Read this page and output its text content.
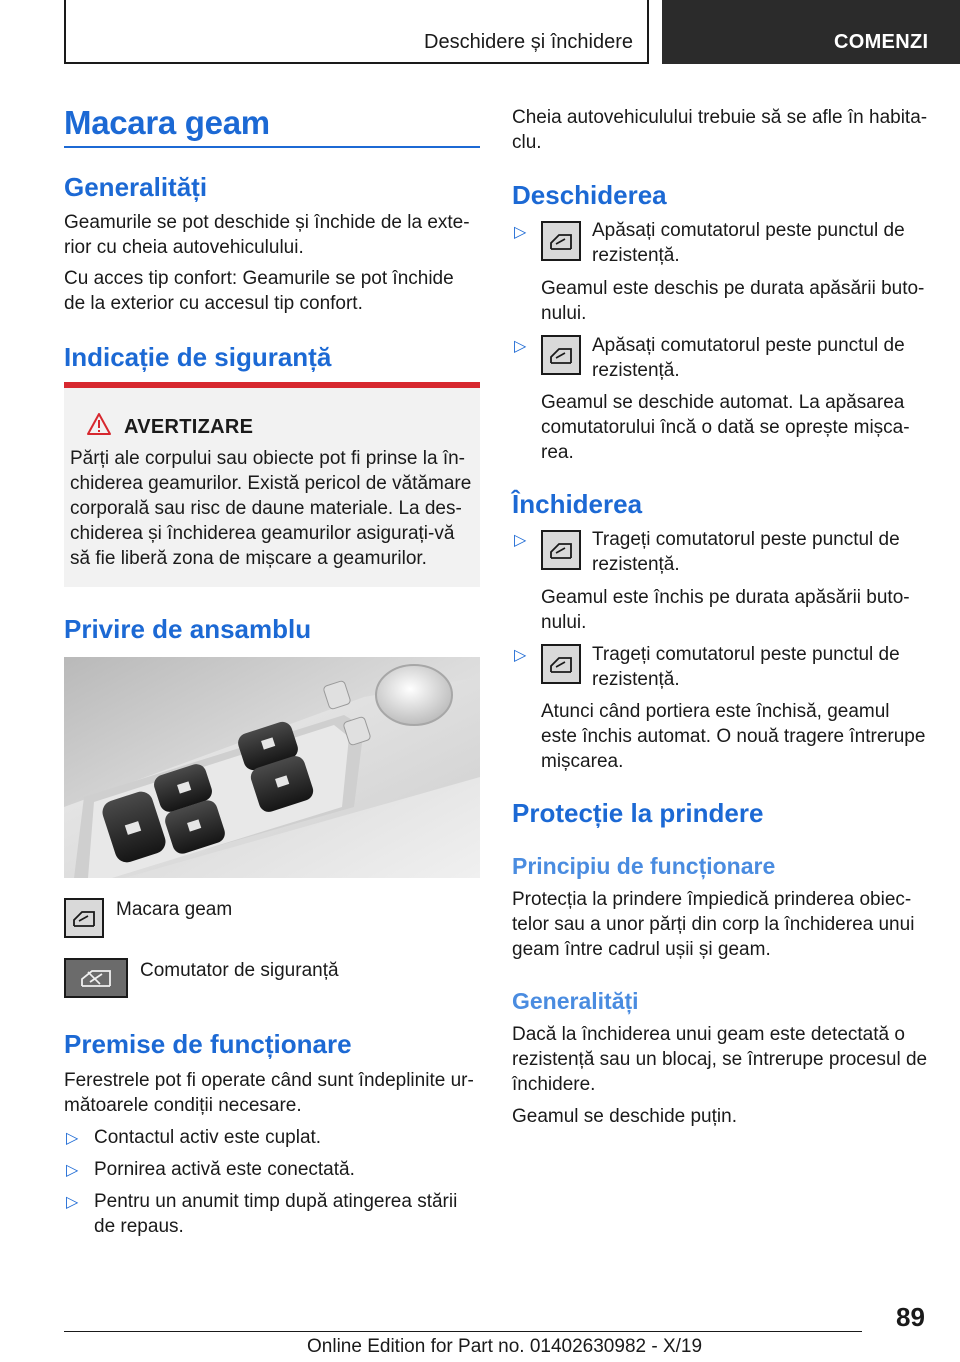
Deschidere și închidere	COMENZI
Macara geam
Generalități
Geamurile se pot deschide și închide de la exte-
rior cu cheia autovehiculului.
Cu acces tip confort: Geamurile se pot închide
de la exterior cu accesul tip confort.
Indicație de siguranță
AVERTIZARE
Părți ale corpului sau obiecte pot fi prinse la în-
chiderea geamurilor. Există pericol de vătămare
corporală sau risc de daune materiale. La des-
chiderea și închiderea geamurilor asigurați-vă
să fie liberă zona de mișcare a geamurilor.
Privire de ansamblu
Macara geam
Comutator de siguranță
Premise de funcționare
Ferestrele pot fi operate când sunt îndeplinite ur-
mătoarele condiții necesare.
▷ Contactul activ este cuplat.
▷ Pornirea activă este conectată.
▷ Pentru un anumit timp după atingerea stării
de repaus.
Cheia autovehiculului trebuie să se afle în habita-
clu.
Deschiderea
▷	Apăsați comutatorul peste punctul de
rezistență.
Geamul este deschis pe durata apăsării buto-
nului.
▷	Apăsați comutatorul peste punctul de
rezistență.
Geamul se deschide automat. La apăsarea
comutatorului încă o dată se oprește mișca-
rea.
Închiderea
▷	Trageți comutatorul peste punctul de
rezistență.
Geamul este închis pe durata apăsării buto-
nului.
▷	Trageți comutatorul peste punctul de
rezistență.
Atunci când portiera este închisă, geamul
este închis automat. O nouă tragere întrerupe
mișcarea.
Protecție la prindere
Principiu de funcționare
Protecția la prindere împiedică prinderea obiec-
telor sau a unor părți din corp la închiderea unui
geam între cadrul ușii și geam.
Generalități
Dacă la închiderea unui geam este detectată o
rezistență sau un blocaj, se întrerupe procesul de
închidere.
Geamul se deschide puțin.
89
Online Edition for Part no. 01402630982 - X/19
